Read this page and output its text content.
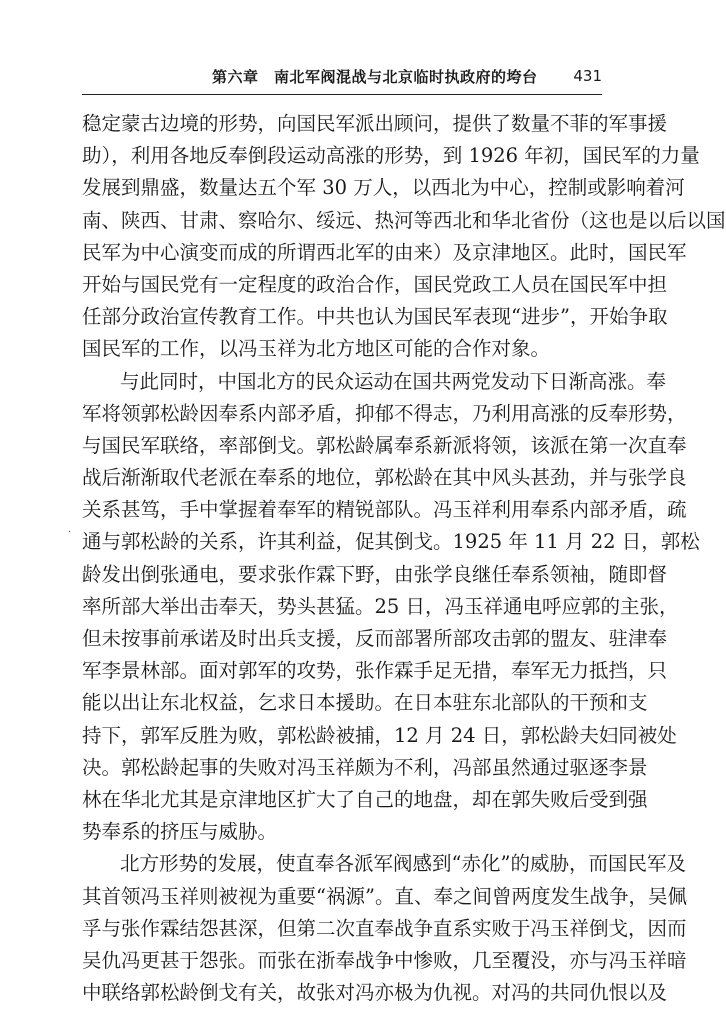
第六章　南北军阀混战与北京临时执政府的垮台 431
·
稳定蒙古边境的形势，向国民军派出顾问，提供了数量不菲的军事援
助），利用各地反奉倒段运动高涨的形势，到 1926 年初，国民军的力量
发展到鼎盛，数量达五个军 30 万人，以西北为中心，控制或影响着河
南、陕西、甘肃、察哈尔、绥远、热河等西北和华北省份（这也是以后以国
民军为中心演变而成的所谓西北军的由来）及京津地区。此时，国民军
开始与国民党有一定程度的政治合作，国民党政工人员在国民军中担
任部分政治宣传教育工作。中共也认为国民军表现“进步”，开始争取
国民军的工作，以冯玉祥为北方地区可能的合作对象。
与此同时，中国北方的民众运动在国共两党发动下日渐高涨。奉
军将领郭松龄因奉系内部矛盾，抑郁不得志，乃利用高涨的反奉形势，
与国民军联络，率部倒戈。郭松龄属奉系新派将领，该派在第一次直奉
战后渐渐取代老派在奉系的地位，郭松龄在其中风头甚劲，并与张学良
关系甚笃，手中掌握着奉军的精锐部队。冯玉祥利用奉系内部矛盾，疏
通与郭松龄的关系，许其利益，促其倒戈。1925 年 11 月 22 日，郭松
龄发出倒张通电，要求张作霖下野，由张学良继任奉系领袖，随即督
率所部大举出击奉天，势头甚猛。25 日，冯玉祥通电呼应郭的主张，
但未按事前承诺及时出兵支援，反而部署所部攻击郭的盟友、驻津奉
军李景林部。面对郭军的攻势，张作霖手足无措，奉军无力抵挡，只
能以出让东北权益，乞求日本援助。在日本驻东北部队的干预和支
持下，郭军反胜为败，郭松龄被捕，12 月 24 日，郭松龄夫妇同被处
决。郭松龄起事的失败对冯玉祥颇为不利，冯部虽然通过驱逐李景
林在华北尤其是京津地区扩大了自己的地盘，却在郭失败后受到强
势奉系的挤压与威胁。
北方形势的发展，使直奉各派军阀感到“赤化”的威胁，而国民军及
其首领冯玉祥则被视为重要“祸源”。直、奉之间曾两度发生战争，吴佩
孚与张作霖结怨甚深，但第二次直奉战争直系实败于冯玉祥倒戈，因而
吴仇冯更甚于怨张。而张在浙奉战争中惨败，几至覆没，亦与冯玉祥暗
中联络郭松龄倒戈有关，故张对冯亦极为仇视。对冯的共同仇恨以及
